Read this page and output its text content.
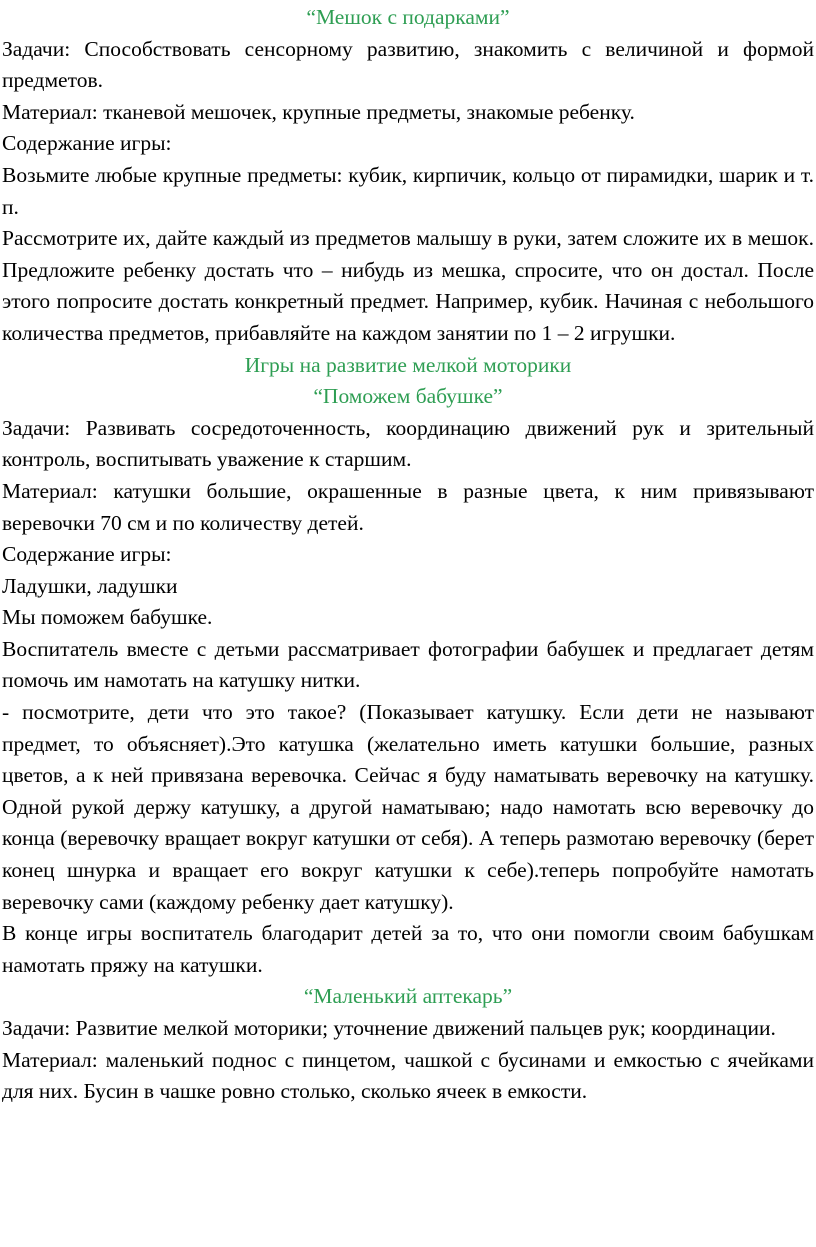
“Мешок с подарками”

Задачи: Способствовать сенсорному развитию, знакомить с величиной и формой предметов.

Материал: тканевой мешочек, крупные предметы, знакомые ребенку.

Содержание игры:

Возьмите любые крупные предметы: кубик, кирпичик, кольцо от пирамидки, шарик и т. п.

Рассмотрите их, дайте каждый из предметов малышу в руки, затем сложите их в мешок. Предложите ребенку достать что – нибудь из мешка, спросите, что он достал. После этого попросите достать конкретный предмет. Например, кубик. Начиная с небольшого количества предметов, прибавляйте на каждом занятии по 1 – 2 игрушки.

Игры на развитие мелкой моторики
“Поможем бабушке”

Задачи: Развивать сосредоточенность, координацию движений рук и зрительный контроль, воспитывать уважение к старшим.

Материал: катушки большие, окрашенные в разные цвета, к ним привязывают веревочки 70 см и по количеству детей.

Содержание игры:

Ладушки, ладушки

Мы поможем бабушке.

Воспитатель вместе с детьми рассматривает фотографии бабушек и предлагает детям помочь им намотать на катушку нитки.

- посмотрите, дети что это такое? (Показывает катушку. Если дети не называют предмет, то объясняет).Это катушка (желательно иметь катушки большие, разных цветов, а к ней привязана веревочка. Сейчас я буду наматывать веревочку на катушку. Одной рукой держу катушку, а другой наматываю; надо намотать всю веревочку до конца (веревочку вращает вокруг катушки от себя). А теперь размотаю веревочку (берет конец шнурка и вращает его вокруг катушки к себе).теперь попробуйте намотать веревочку сами (каждому ребенку дает катушку).

В конце игры воспитатель благодарит детей за то, что они помогли своим бабушкам намотать пряжу на катушки.

“Маленький аптекарь”

Задачи: Развитие мелкой моторики; уточнение движений пальцев рук; координации.

Материал: маленький поднос с пинцетом, чашкой с бусинами и емкостью с ячейками для них. Бусин в чашке ровно столько, сколько ячеек в емкости.
